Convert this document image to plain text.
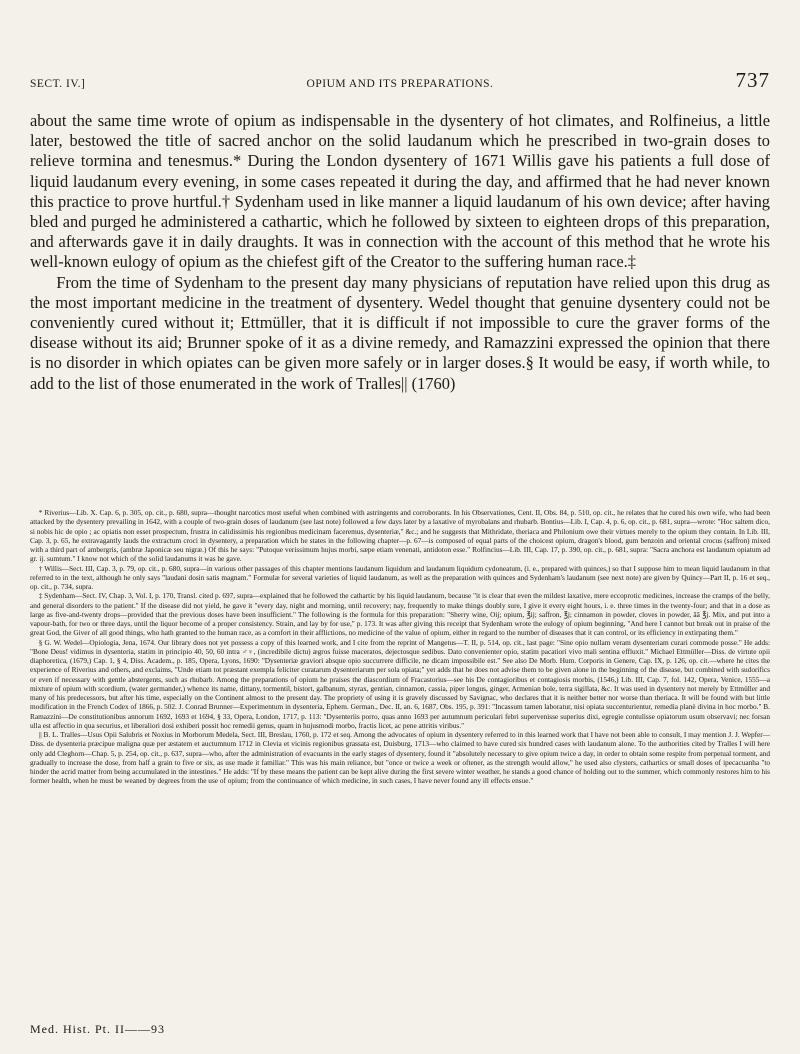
SECT. IV.]	OPIUM AND ITS PREPARATIONS.	737

about the same time wrote of opium as indispensable in the dysentery of hot climates, and Rolfineius, a little later, bestowed the title of sacred anchor on the solid laudanum which he prescribed in two-grain doses to relieve tormina and tenesmus.* During the London dysentery of 1671 Willis gave his patients a full dose of liquid laudanum every evening, in some cases repeated it during the day, and affirmed that he had never known this practice to prove hurtful.† Sydenham used in like manner a liquid laudanum of his own device; after having bled and purged he administered a cathartic, which he followed by sixteen to eighteen drops of this preparation, and afterwards gave it in daily draughts. It was in connection with the account of this method that he wrote his well-known eulogy of opium as the chiefest gift of the Creator to the suffering human race.‡

From the time of Sydenham to the present day many physicians of reputation have relied upon this drug as the most important medicine in the treatment of dysentery. Wedel thought that genuine dysentery could not be conveniently cured without it; Ettmüller, that it is difficult if not impossible to cure the graver forms of the disease without its aid; Brunner spoke of it as a divine remedy, and Ramazzini expressed the opinion that there is no disorder in which opiates can be given more safely or in larger doses.§ It would be easy, if worth while, to add to the list of those enumerated in the work of Tralles|| (1760)

* Riverius—Lib. X. Cap. 6, p. 305, op. cit., p. 680, supra—thought narcotics most useful when combined with astringents and corroborants. In his Observationes, Cent. II, Obs. 84, p. 510, op. cit., he relates that he cured his own wife, who had been attacked by the dysentery prevailing in 1642, with a couple of two-grain doses of laudanum (see last note) followed a few days later by a laxative of myrobalans and rhubarb. Bontius—Lib. I, Cap. 4, p. 6, op. cit., p. 681, supra—wrote: "Hoc saltem dico, si nobis hic de opio ; ac opiatis non esset prospectum, frustra in calidissimis his regionibus medicinam faceremus, dysenteriæ," &c.; and he suggests that Mithridate, theriaca and Philonium owe their virtues merely to the opium they contain. In Lib. III, Cap. 3, p. 65, he extravagantly lauds the extractum croci in dysentery, a preparation which he states in the following chapter—p. 67—is composed of equal parts of the choicest opium, dragon's blood, gum benzoin and oriental crocus (saffron) mixed with a third part of ambergris, (ambræ Japonicæ seu nigræ.) Of this he says: "Putoque verissimum hujus morbi, sæpe etiam venenati, antidoton esse." Rolfincius—Lib. III, Cap. 17, p. 390, op. cit., p. 681, supra: "Sacra anchora est laudanum opiatum ad gr. ij. sumtum." I know not which of the solid laudanums it was he gave.

† Willis—Sect. III, Cap. 3, p. 79, op. cit., p. 680, supra—in various other passages of this chapter mentions laudanum liquidum and laudanum liquidum cydoneatum, (i. e., prepared with quinces,) so that I suppose him to mean liquid laudanum in that referred to in the text, although he only says "laudani dosin satis magnam." Formulæ for several varieties of liquid laudanum, as well as the preparation with quinces and Sydenham's laudanum (see next note) are given by Quincy—Part II, p. 16 et seq., op. cit., p. 734, supra.

‡ Sydenham—Sect. IV, Chap. 3, Vol. I, p. 170, Transl. cited p. 697, supra—explained that he followed the cathartic by his liquid laudanum, because "it is clear that even the mildest laxative, mere eccoprotic medicines, increase the cramps of the belly, and general disorders to the patient." If the disease did not yield, he gave it "every day, night and morning, until recovery; nay, frequently to make things doubly sure, I give it every eight hours, i. e. three times in the twenty-four; and that in a dose as large as five-and-twenty drops—provided that the previous doses have been insufficient." The following is the formula for this preparation: "Sherry wine, Oij; opium, ℥ij; saffron, ℥j; cinnamon in powder, cloves in powder, āā ℥j. Mix, and put into a vapour-bath, for two or three days, until the liquor become of a proper consistency. Strain, and lay by for use," p. 173. It was after giving this receipt that Sydenham wrote the eulogy of opium beginning, "And here I cannot but break out in praise of the great God, the Giver of all good things, who hath granted to the human race, as a comfort in their afflictions, no medicine of the value of opium, either in regard to the number of diseases that it can control, or its efficiency in extirpating them."

§ G. W. Wedel—Opiologia, Jena, 1674. Our library does not yet possess a copy of this learned work, and I cite from the reprint of Mangetus—T. II, p. 514, op. cit., last page: "Sine opio nullam veram dysenteriam curari commode posse." He adds: "Bone Deus! vidimus in dysenteria, statim in principio 40, 50, 60 intra ♂♀, (incredibile dictu) ægros fuisse maceratos, dejectosque sedibus. Dato convenienter opio, statim pacatiori vivo mali sentina effluxit." Michael Ettmüller—Diss. de virtute opii diaphoretica, (1679,) Cap. 1, § 4, Diss. Academ., p. 185, Opera, Lyons, 1690: "Dysenteriæ graviori absque opio succurrere difficile, ne dicam impossibile est." See also De Morb. Hum. Corporis in Genere, Cap. IX, p. 126, op. cit.—where he cites the experience of Riverius and others, and exclaims, "Unde etiam tot præstant exempla feliciter curatarum dysenteriarum per sola opiata;" yet adds that he does not advise them to be given alone in the beginning of the disease, but combined with sudorifics or even if necessary with gentle abstergents, such as rhubarb. Among the preparations of opium he praises the diascordium of Fracastorius—see his De contagioribus et contagiosis morbis, (1546,) Lib. III, Cap. 7, fol. 142, Opera, Venice, 1555—a mixture of opium with scordium, (water germander,) whence its name, dittany, tormentil, bistort, galbanum, styrax, gentian, cinnamon, cassia, piper longus, ginger, Armenian bole, terra sigillata, &c. It was used in dysentery not merely by Ettmüller and many of his predecessors, but after his time, especially on the Continent almost to the present day. The propriety of using it is gravely discussed by Savignac, who declares that it is neither better nor worse than theriaca. It will be found with but little modification in the French Codex of 1866, p. 502. J. Conrad Brunner—Experimentum in dysenteria, Ephem. German., Dec. II, an. 6, 1687, Obs. 195, p. 391: "Incassum tamen laboratur, nisi opiata succenturientur, remedia planè divina in hoc morbo." B. Ramazzini—De constitutionibus annorum 1692, 1693 et 1694, § 33, Opera, London, 1717, p. 113: "Dysenteriis porro, quas anno 1693 per autumnum periculari febri supervenisse superius dixi, egregie contulisse opiatorum usum observavi; nec forsan ulla est affectio in qua securius, et liberaliori dosi exhiberi possit hoc remedii genus, quam in hujusmodi morbo, fractis licet, ac pene attritis viribus."

|| B. L. Tralles—Usus Opii Salubris et Noxius in Morborum Medela, Sect. III, Breslau, 1760, p. 172 et seq. Among the advocates of opium in dysentery referred to in this learned work that I have not been able to consult, I may mention J. J. Wepfer—Diss. de dysenteria præcipue maligna quæ per æstatem et auctumnum 1712 in Clevia et vicinis regionibus grassata est, Duisburg, 1713—who claimed to have cured six hundred cases with laudanum alone. To the authorities cited by Tralles I will here only add Cleghorn—Chap. 5, p. 254, op. cit., p. 637, supra—who, after the administration of evacuants in the early stages of dysentery, found it "absolutely necessary to give opium twice a day, in order to obtain some respite from perpetual torment, and gradually to increase the dose, from half a grain to five or six, as use made it familiar." This was his main reliance, but "once or twice a week or oftener, as the strength would allow," he used also clysters, cathartics or small doses of ipecacuanha "to hinder the acrid matter from being accumulated in the intestines." He adds: "If by these means the patient can be kept alive during the first severe winter weather, he stands a good chance of holding out to the summer, which commonly restores him to his former health, when he must be weaned by degrees from the use of opium; from the continuance of which medicine, in such cases, I have never found any ill effects ensue."

Med. Hist. Pt. II——93
